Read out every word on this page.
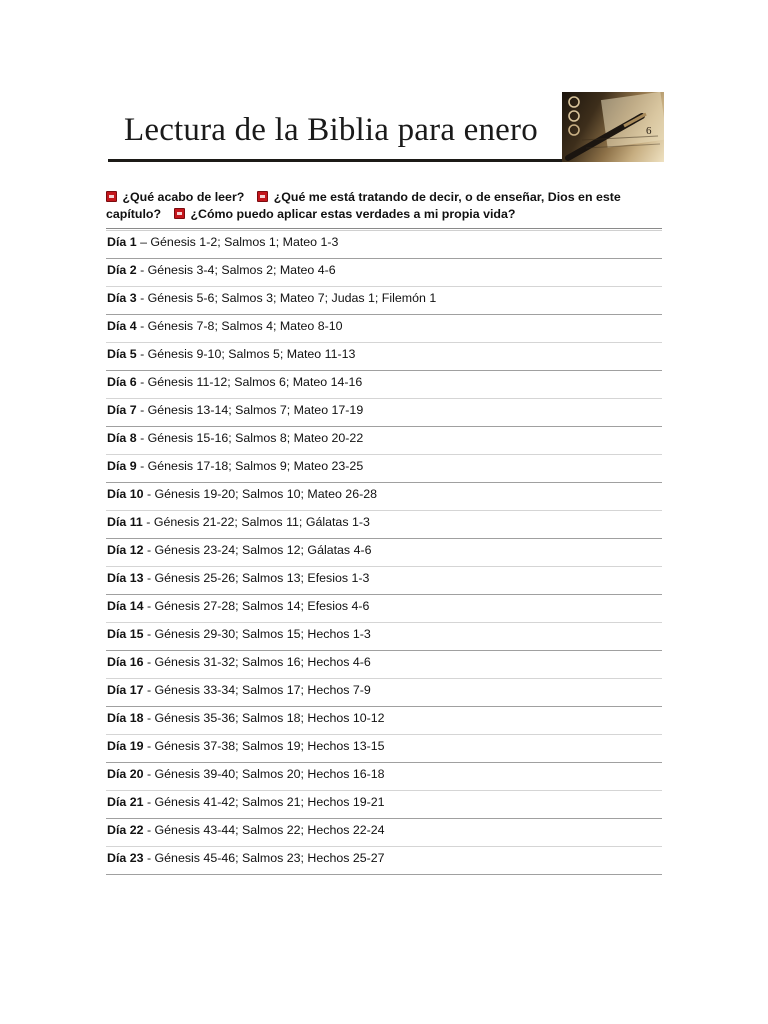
Lectura de la Biblia para enero	6
¿Qué acabo de leer? ¿Qué me está tratando de decir, o de enseñar, Dios en este capítulo? ¿Cómo puedo aplicar estas verdades a mi propia vida?
Día 1 – Génesis 1-2; Salmos 1; Mateo 1-3
Día 2 - Génesis 3-4; Salmos 2; Mateo 4-6
Día 3 - Génesis 5-6; Salmos 3; Mateo 7; Judas 1; Filemón 1
Día 4 - Génesis 7-8; Salmos 4; Mateo 8-10
Día 5 - Génesis 9-10; Salmos 5; Mateo 11-13
Día 6 - Génesis 11-12; Salmos 6; Mateo 14-16
Día 7 - Génesis 13-14; Salmos 7; Mateo 17-19
Día 8 - Génesis 15-16; Salmos 8; Mateo 20-22
Día 9 - Génesis 17-18; Salmos 9; Mateo 23-25
Día 10 - Génesis 19-20; Salmos 10; Mateo 26-28
Día 11 - Génesis 21-22; Salmos 11; Gálatas 1-3
Día 12 - Génesis 23-24; Salmos 12; Gálatas 4-6
Día 13 - Génesis 25-26; Salmos 13; Efesios 1-3
Día 14 - Génesis 27-28; Salmos 14; Efesios 4-6
Día 15 - Génesis 29-30; Salmos 15; Hechos 1-3
Día 16 - Génesis 31-32; Salmos 16; Hechos 4-6
Día 17 - Génesis 33-34; Salmos 17; Hechos 7-9
Día 18 - Génesis 35-36; Salmos 18; Hechos 10-12
Día 19 - Génesis 37-38; Salmos 19; Hechos 13-15
Día 20 - Génesis 39-40; Salmos 20; Hechos 16-18
Día 21 - Génesis 41-42; Salmos 21; Hechos 19-21
Día 22 - Génesis 43-44; Salmos 22; Hechos 22-24
Día 23 - Génesis 45-46; Salmos 23; Hechos 25-27
